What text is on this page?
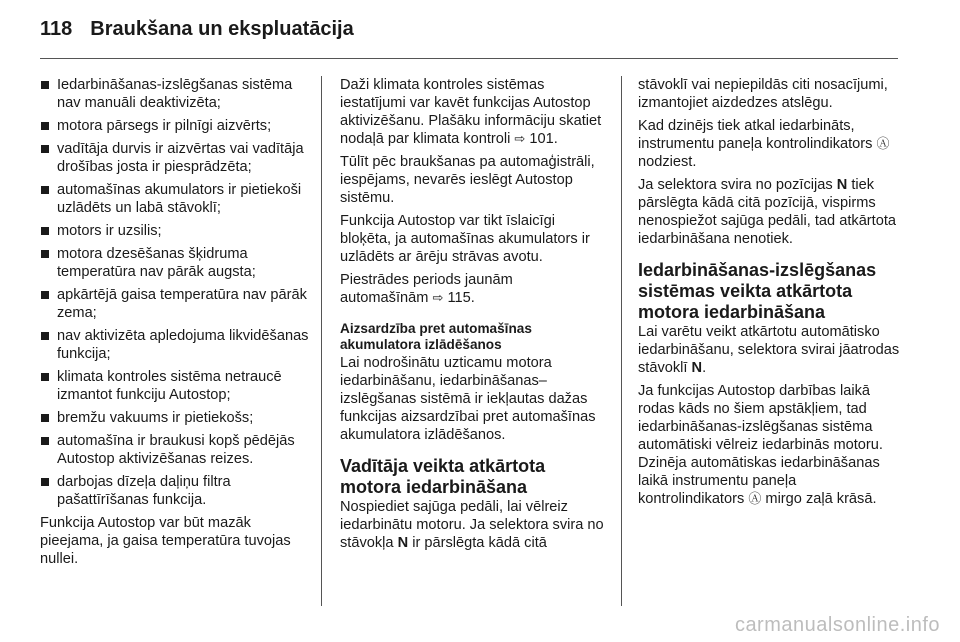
118 Braukšana un ekspluatācija
Iedarbināšanas-izslēgšanas sistēma nav manuāli deaktivizēta;
motora pārsegs ir pilnīgi aizvērts;
vadītāja durvis ir aizvērtas vai vadītāja drošības josta ir piesprādzēta;
automašīnas akumulators ir pietiekoši uzlādēts un labā stāvoklī;
motors ir uzsilis;
motora dzesēšanas šķidruma temperatūra nav pārāk augsta;
apkārtējā gaisa temperatūra nav pārāk zema;
nav aktivizēta apledojuma likvidēšanas funkcija;
klimata kontroles sistēma netraucē izmantot funkciju Autostop;
bremžu vakuums ir pietiekošs;
automašīna ir braukusi kopš pēdējās Autostop aktivizēšanas reizes.
darbojas dīzeļa daļiņu filtra pašattīrīšanas funkcija.

Funkcija Autostop var būt mazāk pieejama, ja gaisa temperatūra tuvojas nullei.

Daži klimata kontroles sistēmas iestatījumi var kavēt funkcijas Autostop aktivizēšanu. Plašāku informāciju skatiet nodaļā par klimata kontroli ⇨ 101.

Tūlīt pēc braukšanas pa automaģistrāli, iespējams, nevarēs ieslēgt Autostop sistēmu.

Funkcija Autostop var tikt īslaicīgi bloķēta, ja automašīnas akumulators ir uzlādēts ar ārēju strāvas avotu.

Piestrādes periods jaunām automašīnām ⇨ 115.

Aizsardzība pret automašīnas akumulatora izlādēšanos

Lai nodrošinātu uzticamu motora iedarbināšanu, iedarbināšanas–izslēgšanas sistēmā ir iekļautas dažas funkcijas aizsardzībai pret automašīnas akumulatora izlādēšanos.

Vadītāja veikta atkārtota motora iedarbināšana

Nospiediet sajūga pedāli, lai vēlreiz iedarbinātu motoru. Ja selektora svira no stāvokļa N ir pārslēgta kādā citā

stāvoklī vai nepiepildās citi nosacījumi, izmantojiet aizdedzes atslēgu.

Kad dzinējs tiek atkal iedarbināts, instrumentu paneļa kontrolindikators Ⓐ nodziest.

Ja selektora svira no pozīcijas N tiek pārslēgta kādā citā pozīcijā, vispirms nenospiežot sajūga pedāli, tad atkārtota iedarbināšana nenotiek.

Iedarbināšanas-izslēgšanas sistēmas veikta atkārtota motora iedarbināšana

Lai varētu veikt atkārtotu automātisko iedarbināšanu, selektora svirai jāatrodas stāvoklī N.

Ja funkcijas Autostop darbības laikā rodas kāds no šiem apstākļiem, tad iedarbināšanas-izslēgšanas sistēma automātiski vēlreiz iedarbinās motoru. Dzinēja automātiskas iedarbināšanas laikā instrumentu paneļa kontrolindikators Ⓐ mirgo zaļā krāsā.

carmanualsonline.info
